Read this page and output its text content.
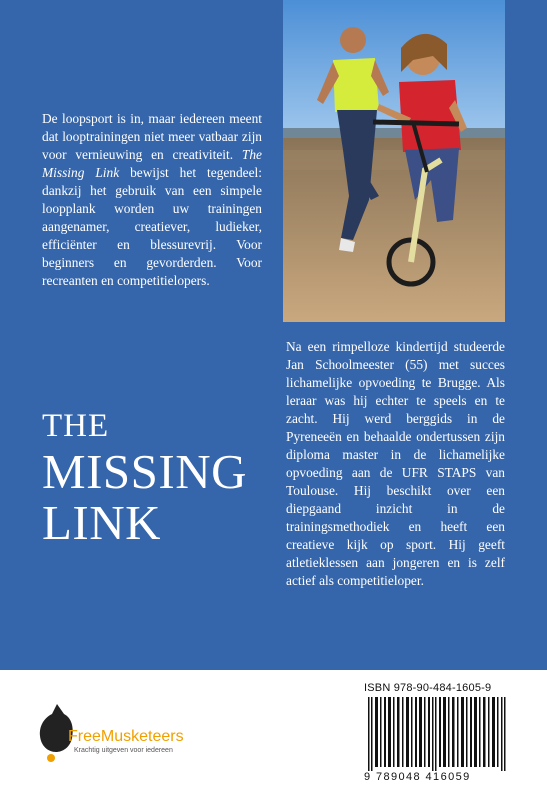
De loopsport is in, maar iedereen meent dat looptrainingen niet meer vatbaar zijn voor vernieuwing en creativiteit. The Missing Link bewijst het tegendeel: dankzij het gebruik van een simpele loopplank worden uw trainingen aangenamer, creatiever, ludieker, efficiënter en blessurevrij. Voor beginners en gevorderden. Voor recreanten en competitielopers.
THE
MISSING
LINK
Na een rimpelloze kindertijd studeerde Jan Schoolmeester (55) met succes lichamelijke opvoeding te Brugge. Als leraar was hij echter te speels en te zacht. Hij werd berggids in de Pyreneeën en behaalde ondertussen zijn diploma master in de lichamelijke opvoeding aan de UFR STAPS van Toulouse. Hij beschikt over een diepgaand inzicht in de trainingsmethodiek en heeft een creatieve kijk op sport. Hij geeft atletieklessen aan jongeren en is zelf actief als competitieloper.
FreeMusketeers
Krachtig uitgeven voor iedereen
ISBN 978-90-484-1605-9
9 789048 416059
